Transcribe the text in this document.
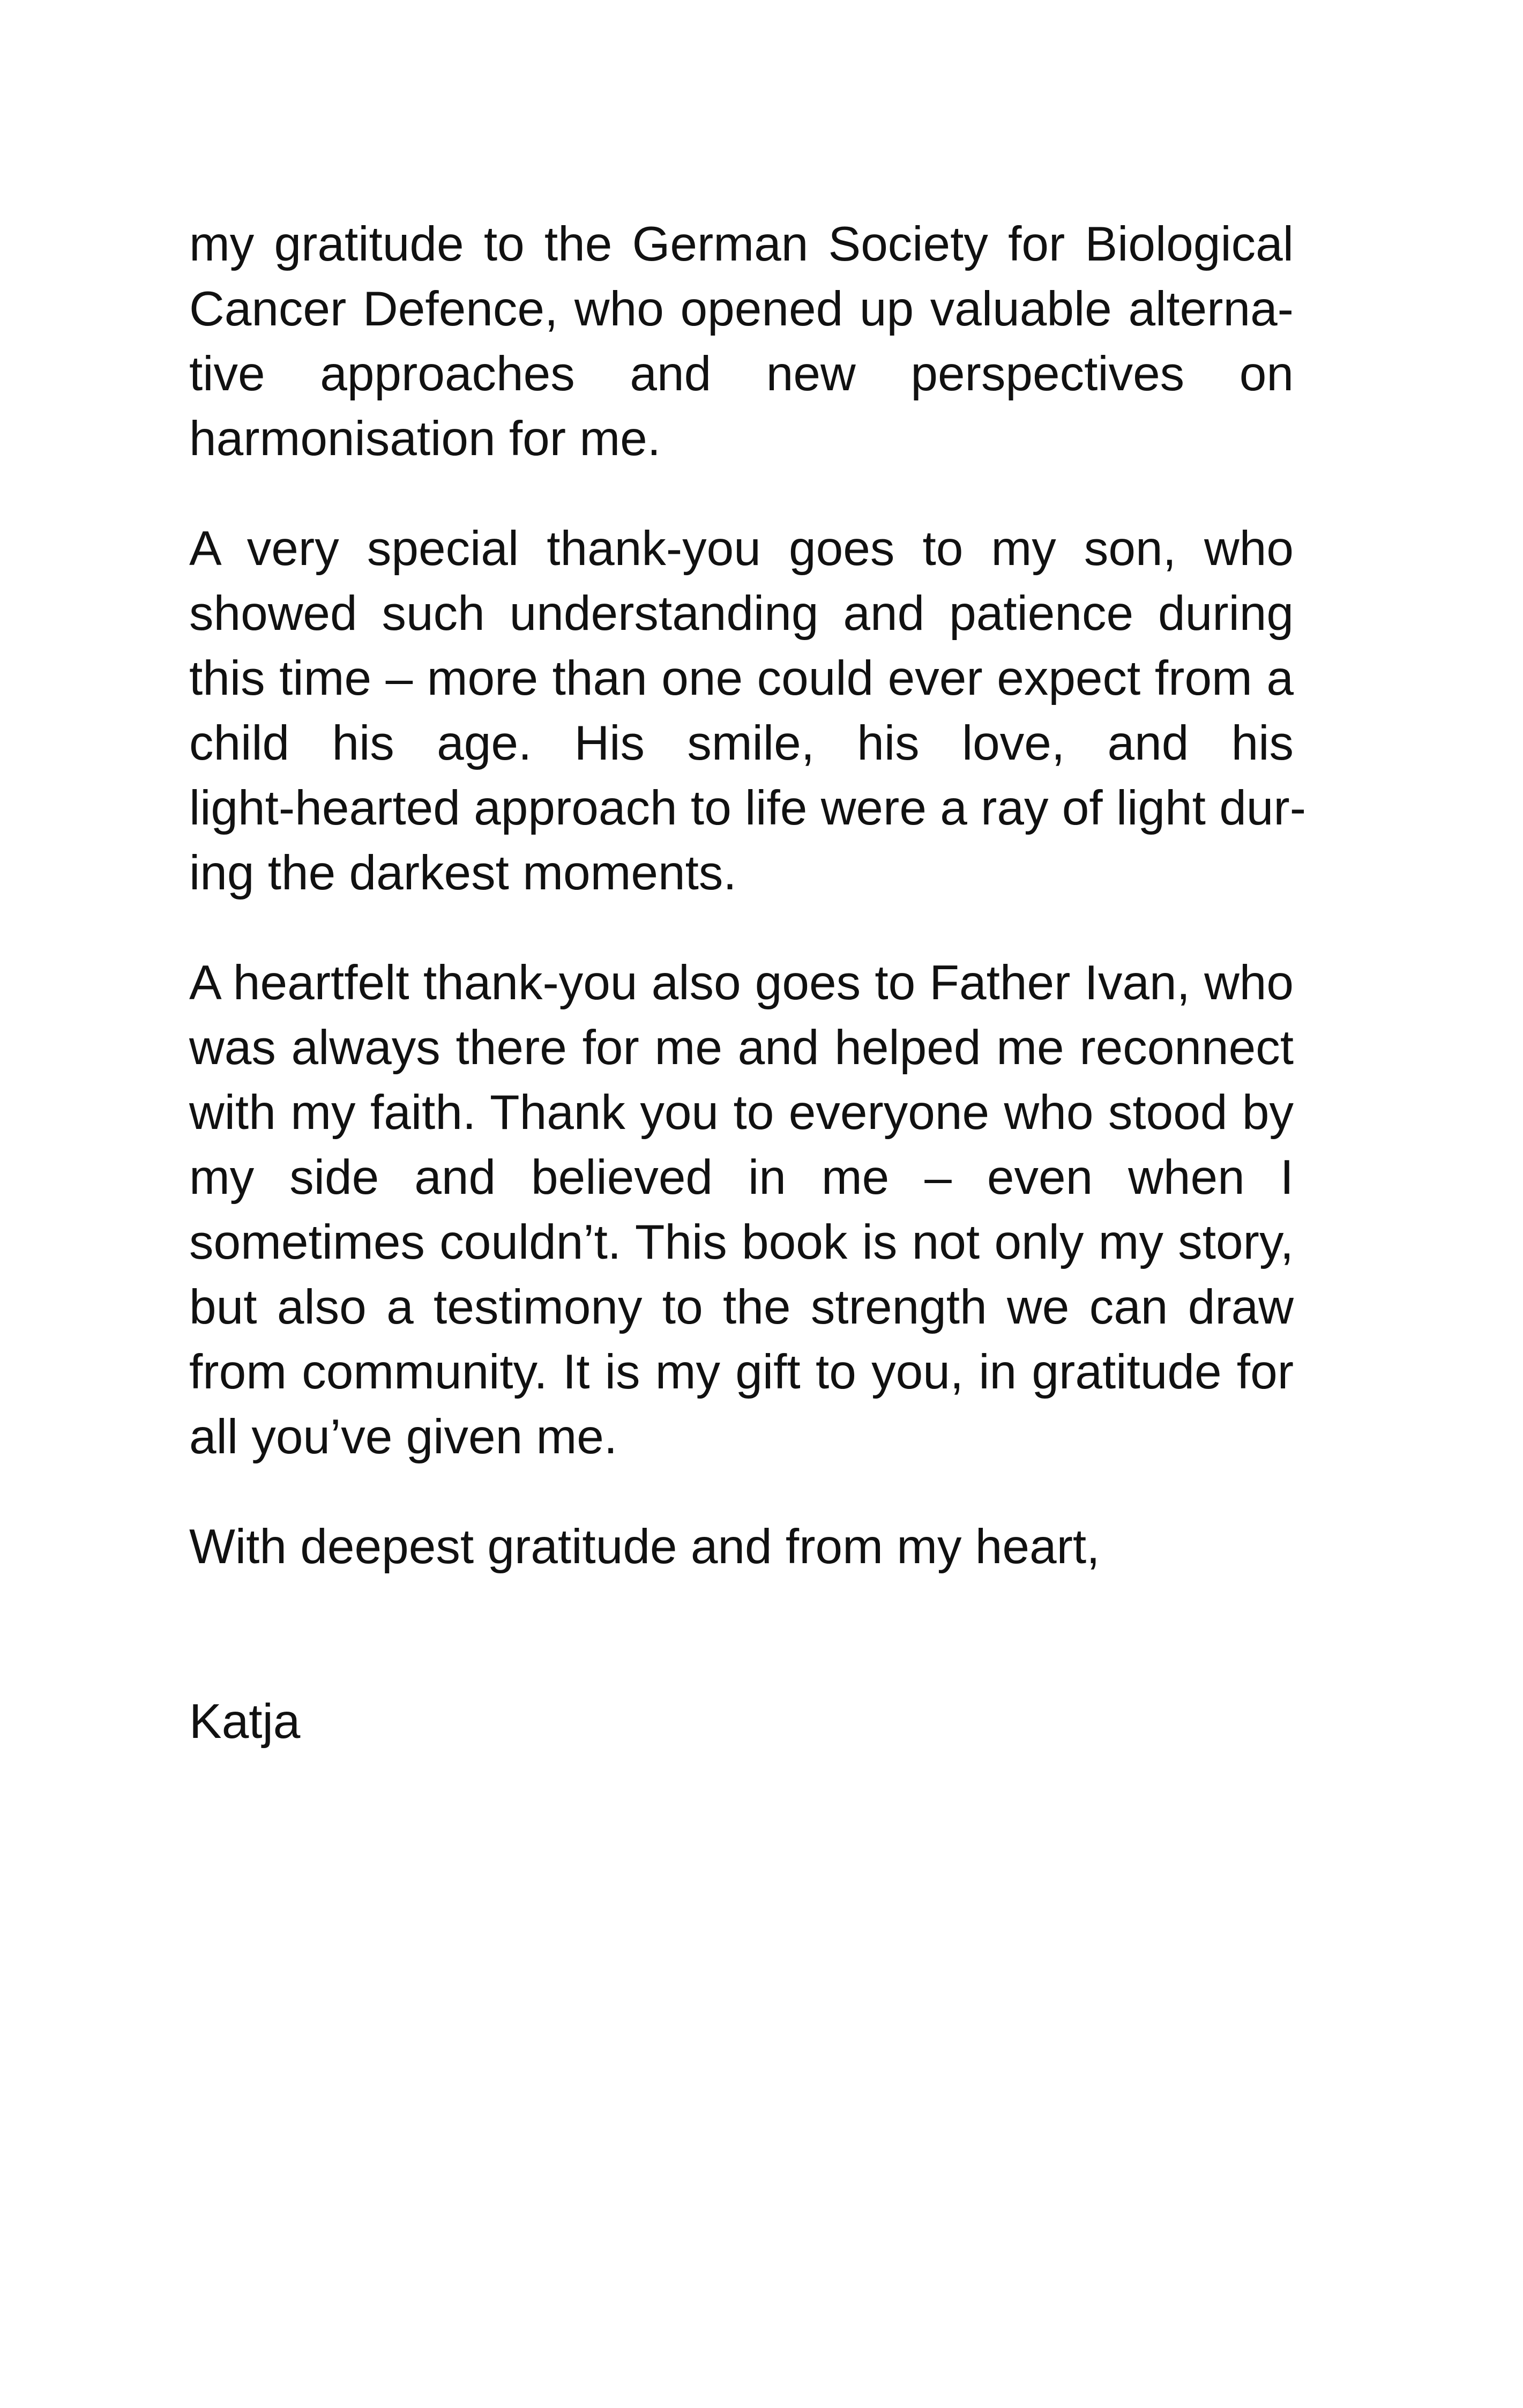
my gratitude to the German Society for Biological
Cancer Defence, who opened up valuable alterna-
tive approaches and new perspectives on
harmonisation for me.

A very special thank-you goes to my son, who
showed such understanding and patience during
this time – more than one could ever expect from a
child his age. His smile, his love, and his
light-hearted approach to life were a ray of light dur-
ing the darkest moments.

A heartfelt thank-you also goes to Father Ivan, who
was always there for me and helped me reconnect
with my faith. Thank you to everyone who stood by
my side and believed in me – even when I
sometimes couldn’t. This book is not only my story,
but also a testimony to the strength we can draw
from community. It is my gift to you, in gratitude for
all you’ve given me.

With deepest gratitude and from my heart,

Katja
